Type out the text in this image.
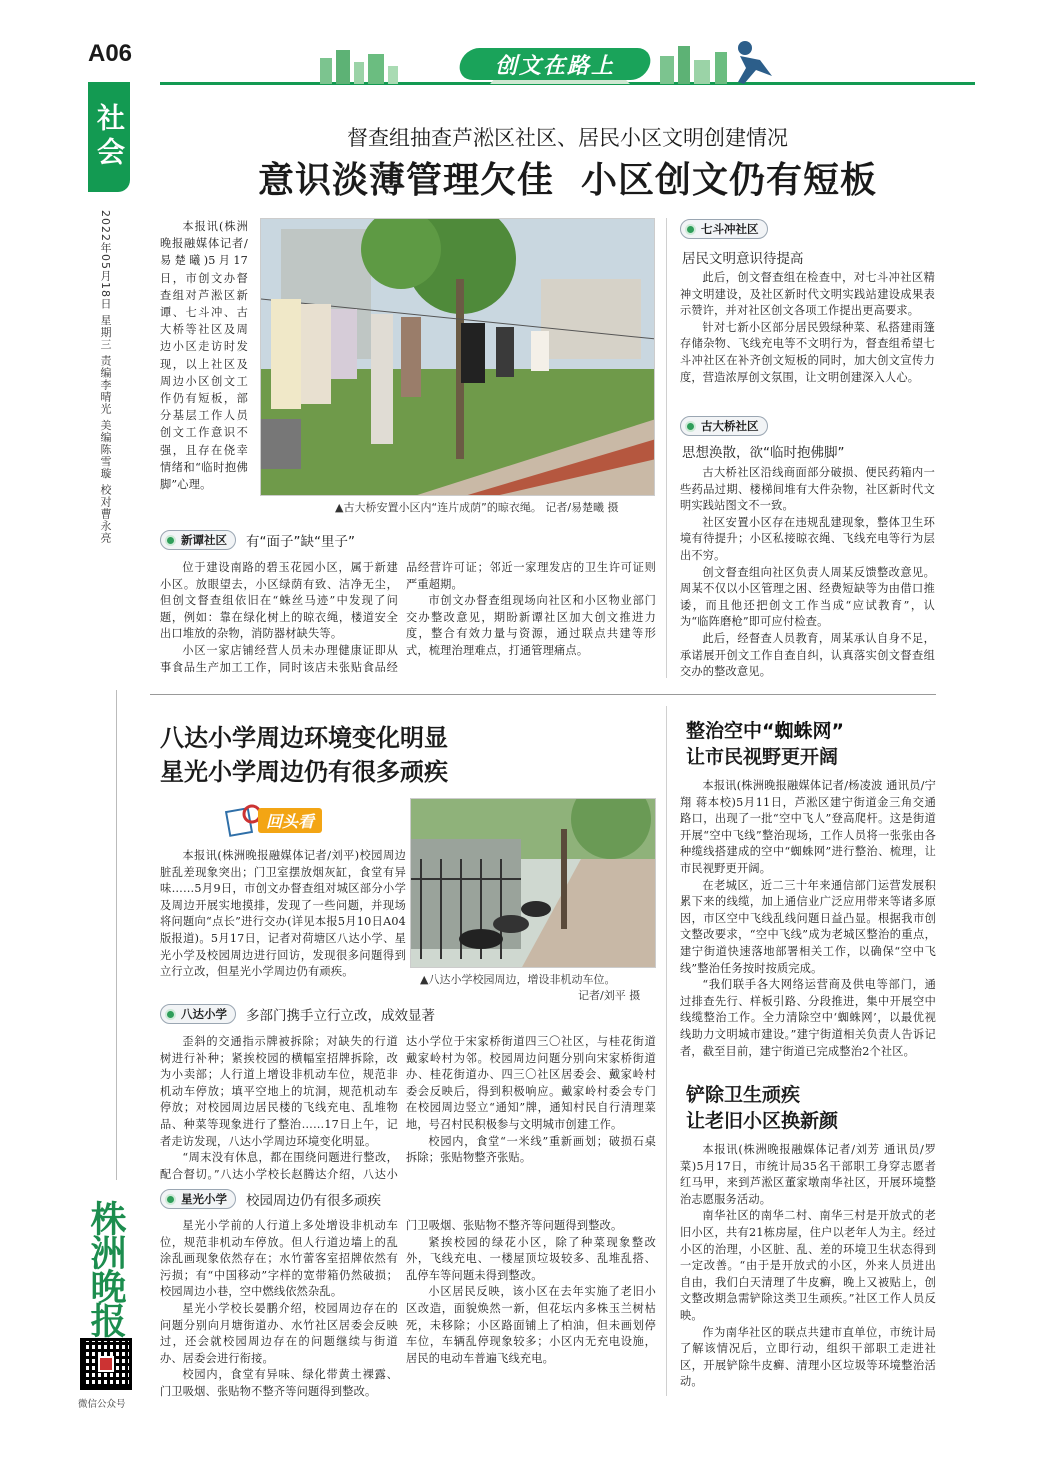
A06
社会
2022年05月18日 星期三 责编李晴光 美编陈雪璇 校对曹永亮
株洲晚报
微信公众号
创文在路上
督查组抽查芦淞区社区、居民小区文明创建情况
意识淡薄管理欠佳  小区创文仍有短板

本报讯(株洲晚报融媒体记者/易楚曦)5月17日，市创文办督查组对芦淞区新谭、七斗冲、古大桥等社区及周边小区走访时发现，以上社区及周边小区创文工作仍有短板，部分基层工作人员创文工作意识不强，且存在侥幸情绪和“临时抱佛脚”心理。

▲古大桥安置小区内“连片成荫”的晾衣绳。 记者/易楚曦 摄
新谭社区 有“面子”缺“里子”

位于建设南路的碧玉花园小区，属于新建小区。放眼望去，小区绿荫有致、洁净无尘，但创文督查组依旧在“蛛丝马迹”中发现了问题，例如：靠在绿化树上的晾衣绳，楼道安全出口堆放的杂物，消防器材缺失等。

小区一家店铺经营人员未办理健康证即从事食品生产加工工作，同时该店未张贴食品经

品经营许可证；邻近一家理发店的卫生许可证则严重超期。

市创文办督查组现场向社区和小区物业部门交办整改意见，期盼新谭社区加大创文推进力度，整合有效力量与资源，通过联点共建等形式，梳理治理难点，打通管理痛点。

七斗冲社区
居民文明意识待提高

此后，创文督查组在检查中，对七斗冲社区精神文明建设，及社区新时代文明实践站建设成果表示赞许，并对社区创文各项工作提出更高要求。

针对七新小区部分居民毁绿种菜、私搭建雨篷存储杂物、飞线充电等不文明行为，督查组希望七斗冲社区在补齐创文短板的同时，加大创文宣传力度，营造浓厚创文氛围，让文明创建深入人心。

古大桥社区
思想涣散，欲“临时抱佛脚”

古大桥社区沿线商面部分破损、便民药箱内一些药品过期、楼梯间堆有大件杂物，社区新时代文明实践站图文不一致。

社区安置小区存在违规乱建现象，整体卫生环境有待提升；小区私接晾衣绳、飞线充电等行为层出不穷。

创文督查组向社区负责人周某反馈整改意见。周某不仅以小区管理之困、经费短缺等为由借口推诿，而且他还把创文工作当成“应试教育”，认为“临阵磨枪”即可应付检查。

此后，经督查人员教育，周某承认自身不足，承诺展开创文工作自查自纠，认真落实创文督查组交办的整改意见。

八达小学周边环境变化明显
星光小学周边仍有很多顽疾
回头看

本报讯(株洲晚报融媒体记者/刘平)校园周边脏乱差现象突出；门卫室摆放烟灰缸，食堂有异味……5月9日，市创文办督查组对城区部分小学及周边开展实地摸排，发现了一些问题，并现场将问题向“点长”进行交办(详见本报5月10日A04版报道)。5月17日，记者对荷塘区八达小学、星光小学及校园周边进行回访，发现很多问题得到立行立改，但星光小学周边仍有顽疾。

▲八达小学校园周边，增设非机动车位。
记者/刘平 摄
八达小学 多部门携手立行立改，成效显著

歪斜的交通指示牌被拆除；对缺失的行道树进行补种；紧挨校园的横幅室招牌拆除，改为小卖部；人行道上增设非机动车位，规范非机动车停放；填平空地上的坑洞，规范机动车停放；对校园周边居民楼的飞线充电、乱堆物品、种菜等现象进行了整治……17日上午，记者走访发现，八达小学周边环境变化明显。

“周末没有休息，都在围绕问题进行整改，配合督切。”八达小学校长赵腾达介绍，八达小

达小学位于宋家桥街道四三〇社区，与桂花街道戴家岭村为邻。校园周边问题分别向宋家桥街道办、桂花街道办、四三〇社区居委会、戴家岭村委会反映后，得到积极响应。戴家岭村委会专门在校园周边竖立“通知”牌，通知村民自行清理菜地，号召村民积极参与文明城市创建工作。

校园内，食堂“一米线”重新画划；破损石桌拆除；张贴物整齐张贴。

星光小学 校园周边仍有很多顽疾

星光小学前的人行道上多处增设非机动车位，规范非机动车停放。但人行道边墙上的乱涂乱画现象依然存在；水竹蕾客室招牌依然有污损；有“中国移动”字样的宽带箱仍然破损；校园周边小巷，空中燃线依然杂乱。

星光小学校长晏鹏介绍，校园周边存在的问题分别向月塘街道办、水竹社区居委会反映过，还会就校园周边存在的问题继续与街道办、居委会进行衔接。

校园内，食堂有异味、绿化带黄土裸露、门卫吸烟、张贴物不整齐等问题得到整改。

门卫吸烟、张贴物不整齐等问题得到整改。

紧挨校园的绿花小区，除了种菜现象整改外，飞线充电、一楼屋顶垃圾较多、乱堆乱搭、乱停车等问题未得到整改。

小区居民反映，该小区在去年实施了老旧小区改造，面貌焕然一新，但花坛内多株玉兰树枯死，未移除；小区路面铺上了柏油，但未画划停车位，车辆乱停现象较多；小区内无充电设施，居民的电动车普遍飞线充电。

整治空中“蜘蛛网”
让市民视野更开阔

本报讯(株洲晚报融媒体记者/杨凌波 通讯员/宁翔 蒋本校)5月11日，芦淞区建宁街道金三角交通路口，出现了一批“空中飞人”登高爬杆。这是街道开展“空中飞线”整治现场，工作人员将一张张由各种缆线搭建成的空中“蜘蛛网”进行整治、梳理，让市民视野更开阔。

在老城区，近二三十年来通信部门运营发展积累下来的线缆，加上通信业广泛应用带来等诸多原因，市区空中飞线乱线问题日益凸显。根据我市创文整改要求，“空中飞线”成为老城区整治的重点，建宁街道快速落地部署相关工作，以确保“空中飞线”整治任务按时按质完成。

“我们联手各大网络运营商及供电等部门，通过排查先行、样板引路、分段推进，集中开展空中线缆整治工作。全力清除空中‘蜘蛛网’，以最优视线助力文明城市建设。”建宁街道相关负责人告诉记者，截至目前，建宁街道已完成整治2个社区。

铲除卫生顽疾
让老旧小区换新颜

本报讯(株洲晚报融媒体记者/刘芳 通讯员/罗菜)5月17日，市统计局35名干部职工身穿志愿者红马甲，来到芦淞区董家墩南华社区，开展环境整治志愿服务活动。

南华社区的南华二村、南华三村是开放式的老旧小区，共有21栋房屋，住户以老年人为主。经过小区的治理，小区脏、乱、差的环境卫生状态得到一定改善。“由于是开放式的小区，外来人员进出自由，我们白天清理了牛皮癣，晚上又被贴上，创文整改期急需铲除这类卫生顽疾。”社区工作人员反映。

作为南华社区的联点共建市直单位，市统计局了解该情况后，立即行动，组织干部职工走进社区，开展铲除牛皮癣、清理小区垃圾等环境整治活动。
